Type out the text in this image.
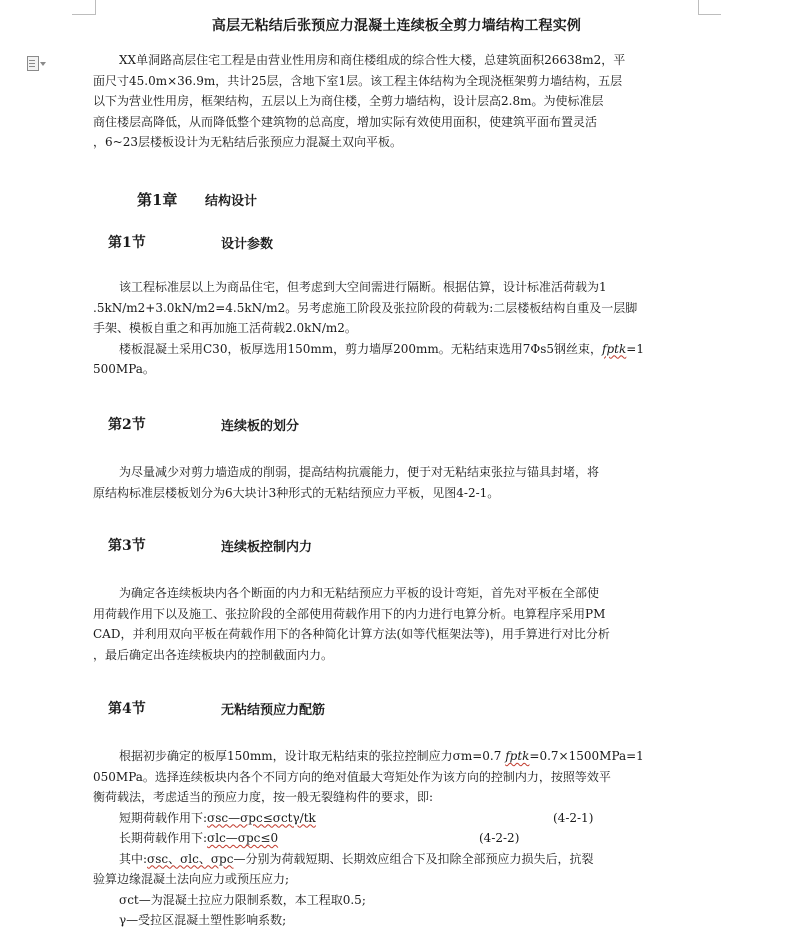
高层无粘结后张预应力混凝土连续板全剪力墙结构工程实例
XX单洞路高层住宅工程是由营业性用房和商住楼组成的综合性大楼，总建筑面积26638m2，平
面尺寸45.0m×36.9m，共计25层，含地下室1层。该工程主体结构为全现浇框架剪力墙结构，五层
以下为营业性用房，框架结构，五层以上为商住楼，全剪力墙结构，设计层高2.8m。为使标准层
商住楼层高降低，从而降低整个建筑物的总高度，增加实际有效使用面积，使建筑平面布置灵活
，6~23层楼板设计为无粘结后张预应力混凝土双向平板。
第1章 结构设计
第1节	设计参数
该工程标准层以上为商品住宅，但考虑到大空间需进行隔断。根据估算，设计标准活荷载为1
.5kN/m2+3.0kN/m2=4.5kN/m2。另考虑施工阶段及张拉阶段的荷载为:二层楼板结构自重及一层脚
手架、模板自重之和再加施工活荷载2.0kN/m2。
楼板混凝土采用C30，板厚选用150mm，剪力墙厚200mm。无粘结束选用7Φs5钢丝束，fptk=1
500MPa。
第2节	连续板的划分
为尽量减少对剪力墙造成的削弱，提高结构抗震能力，便于对无粘结束张拉与锚具封堵，将
原结构标准层楼板划分为6大块计3种形式的无粘结预应力平板，见图4-2-1。
第3节	连续板控制内力
为确定各连续板块内各个断面的内力和无粘结预应力平板的设计弯矩，首先对平板在全部使
用荷载作用下以及施工、张拉阶段的全部使用荷载作用下的内力进行电算分析。电算程序采用PM
CAD，并利用双向平板在荷载作用下的各种简化计算方法(如等代框架法等)，用手算进行对比分析
，最后确定出各连续板块内的控制截面内力。
第4节	无粘结预应力配筋
根据初步确定的板厚150mm，设计取无粘结束的张拉控制应力σm=0.7 fptk=0.7×1500MPa=1
050MPa。选择连续板块内各个不同方向的绝对值最大弯矩处作为该方向的控制内力，按照等效平
衡荷载法，考虑适当的预应力度，按一般无裂缝构件的要求，即:
短期荷载作用下:σsc—σpc≤σctγ/tk	(4-2-1)
长期荷载作用下:σlc—σpc≤0	(4-2-2)
其中:σsc、σlc、σpc—分别为荷载短期、长期效应组合下及扣除全部预应力损失后，抗裂
验算边缘混凝土法向应力或预压应力;
σct—为混凝土拉应力限制系数，本工程取0.5;
γ—受拉区混凝土塑性影响系数;
